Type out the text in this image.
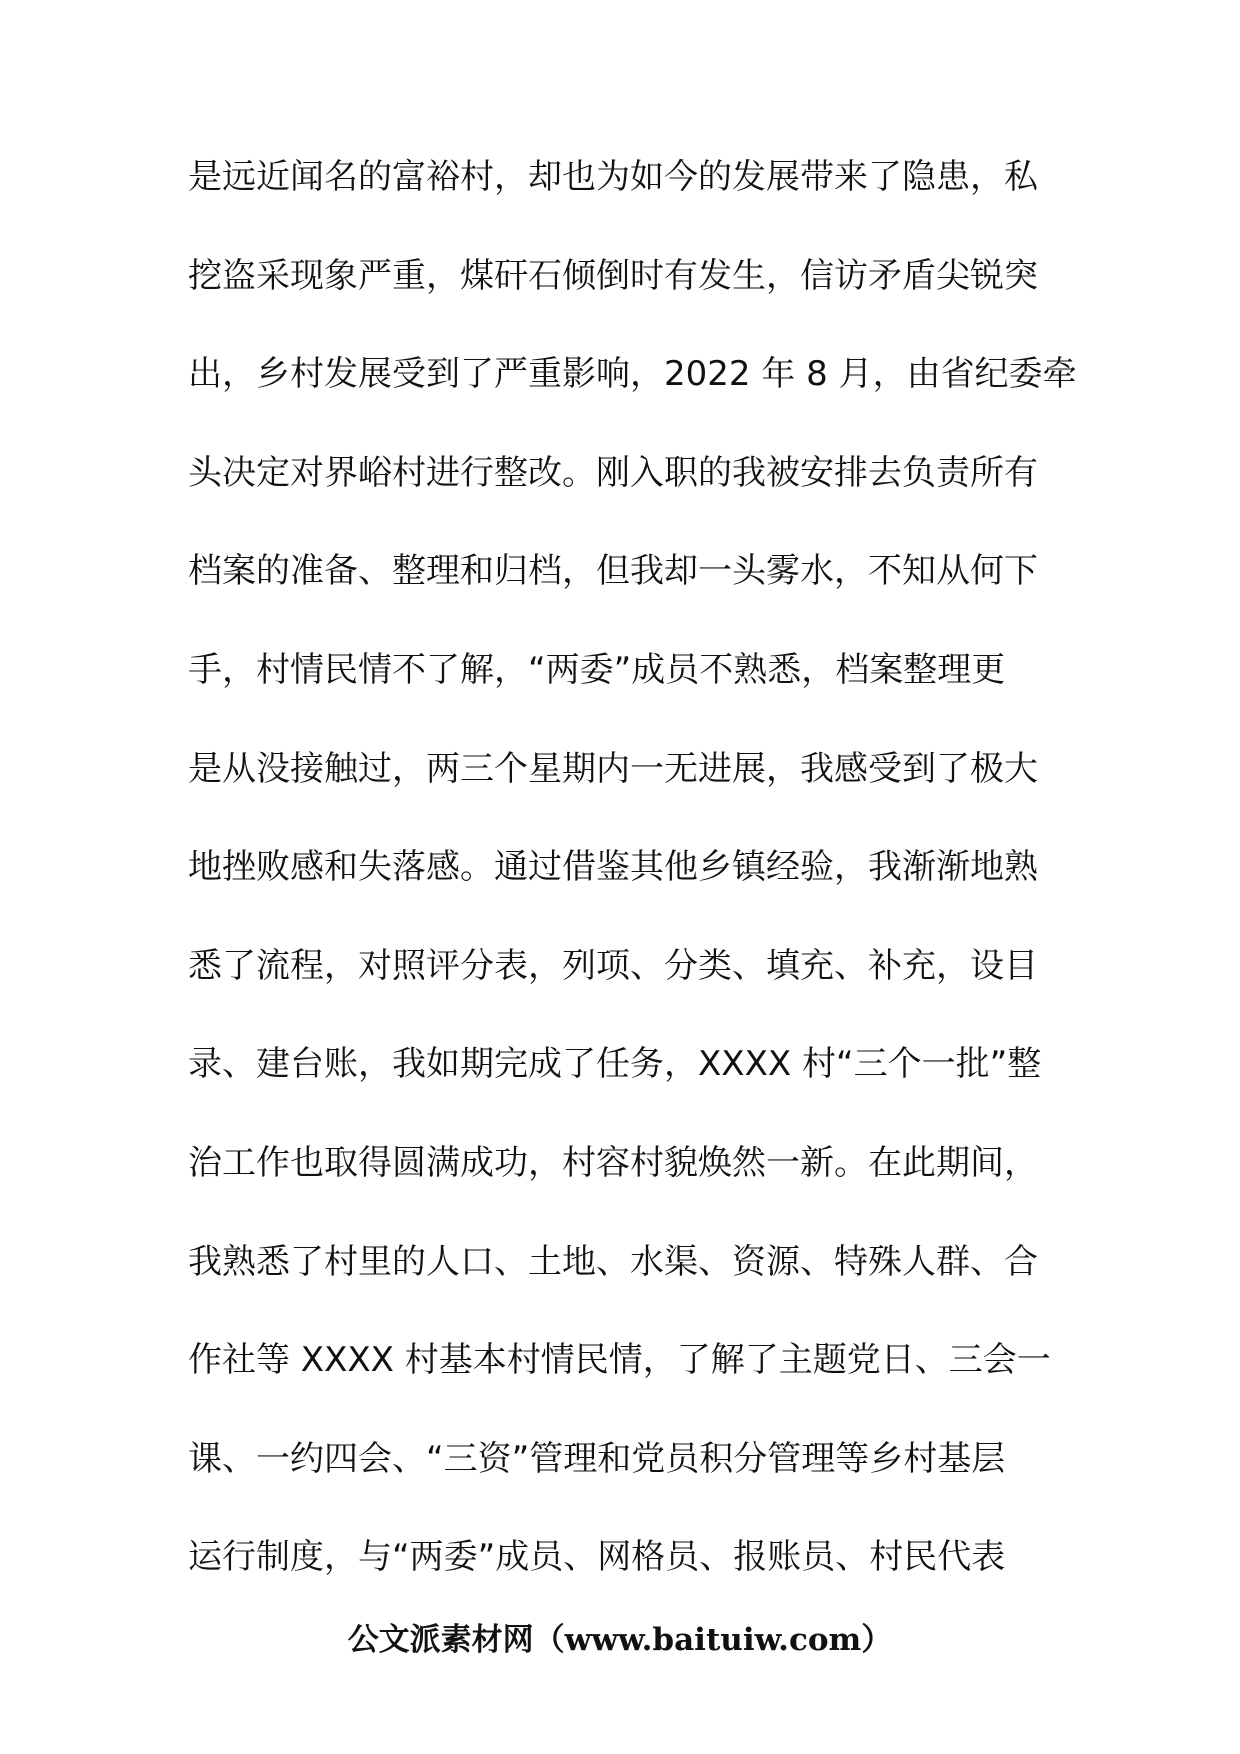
是远近闻名的富裕村，却也为如今的发展带来了隐患，私
挖盗采现象严重，煤矸石倾倒时有发生，信访矛盾尖锐突
出，乡村发展受到了严重影响，2022 年 8 月，由省纪委牵
头决定对界峪村进行整改。刚入职的我被安排去负责所有
档案的准备、整理和归档，但我却一头雾水，不知从何下
手，村情民情不了解，“两委”成员不熟悉，档案整理更
是从没接触过，两三个星期内一无进展，我感受到了极大
地挫败感和失落感。通过借鉴其他乡镇经验，我渐渐地熟
悉了流程，对照评分表，列项、分类、填充、补充，设目
录、建台账，我如期完成了任务，XXXX 村“三个一批”整
治工作也取得圆满成功，村容村貌焕然一新。在此期间，
我熟悉了村里的人口、土地、水渠、资源、特殊人群、合
作社等 XXXX 村基本村情民情，了解了主题党日、三会一
课、一约四会、“三资”管理和党员积分管理等乡村基层
运行制度，与“两委”成员、网格员、报账员、村民代表
公文派素材网（www.baituiw.com）
